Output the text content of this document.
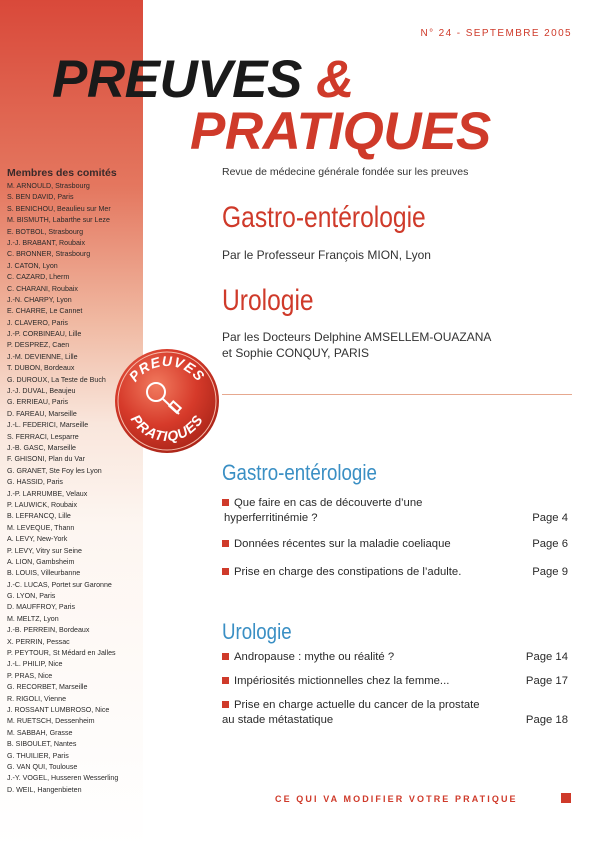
Membres des comités
M. ARNOULD, Strasbourg
S. BEN DAVID, Paris
S. BENICHOU, Beaulieu sur Mer
M. BISMUTH, Labarthe sur Leze
E. BOTBOL, Strasbourg
J.-J. BRABANT, Roubaix
C. BRONNER, Strasbourg
J. CATON, Lyon
C. CAZARD, Lherm
C. CHARANI, Roubaix
J.-N. CHARPY, Lyon
E. CHARRE, Le Cannet
J. CLAVERO, Paris
J.-P. CORBINEAU, Lille
P. DESPREZ, Caen
J.-M. DEVIENNE, Lille
T. DUBON, Bordeaux
G. DUROUX, La Teste de Buch
J.-J. DUVAL, Beaujeu
G. ERRIEAU, Paris
D. FAREAU, Marseille
J.-L. FEDERICI, Marseille
S. FERRACI, Lesparre
J.-B. GASC, Marseille
F. GHISONI, Plan du Var
G. GRANET, Ste Foy les Lyon
G. HASSID, Paris
J.-P. LARRUMBE, Velaux
P. LAUWICK, Roubaix
B. LEFRANCQ, Lille
M. LEVEQUE, Thann
A. LEVY, New-York
P. LEVY, Vitry sur Seine
A. LION, Gambsheim
B. LOUIS, Villeurbanne
J.-C. LUCAS, Portet sur Garonne
G. LYON, Paris
D. MAUFFROY, Paris
M. MELTZ, Lyon
J.-B. PERREIN, Bordeaux
X. PERRIN, Pessac
P. PEYTOUR, St Médard en Jalles
J.-L. PHILIP, Nice
P. PRAS, Nice
G. RECORBET, Marseille
R. RIGOLI, Vienne
J. ROSSANT LUMBROSO, Nice
M. RUETSCH, Dessenheim
M. SABBAH, Grasse
B. SIBOULET, Nantes
G. THUILIER, Paris
G. VAN QUI, Toulouse
J.-Y. VOGEL, Husseren Wesserling
D. WEIL, Hangenbieten
N° 24 - SEPTEMBRE 2005
PREUVES &
PRATIQUES
Revue de médecine générale fondée sur les preuves
PREUVES
PRATIQUES
Gastro-entérologie
Par le Professeur François MION, Lyon
Urologie
Par les Docteurs Delphine AMSELLEM-OUAZANA
et Sophie CONQUY, PARIS
Gastro-entérologie
Que faire en cas de découverte d’une
hyperferritinémie ?	Page 4
Données récentes sur la maladie coeliaque	Page 6
Prise en charge des constipations de l’adulte.	Page 9
Urologie
Andropause : mythe ou réalité ?	Page 14
Impériosités mictionnelles chez la femme...	Page 17
Prise en charge actuelle du cancer de la prostate
au stade métastatique	Page 18
CE QUI VA MODIFIER VOTRE PRATIQUE
